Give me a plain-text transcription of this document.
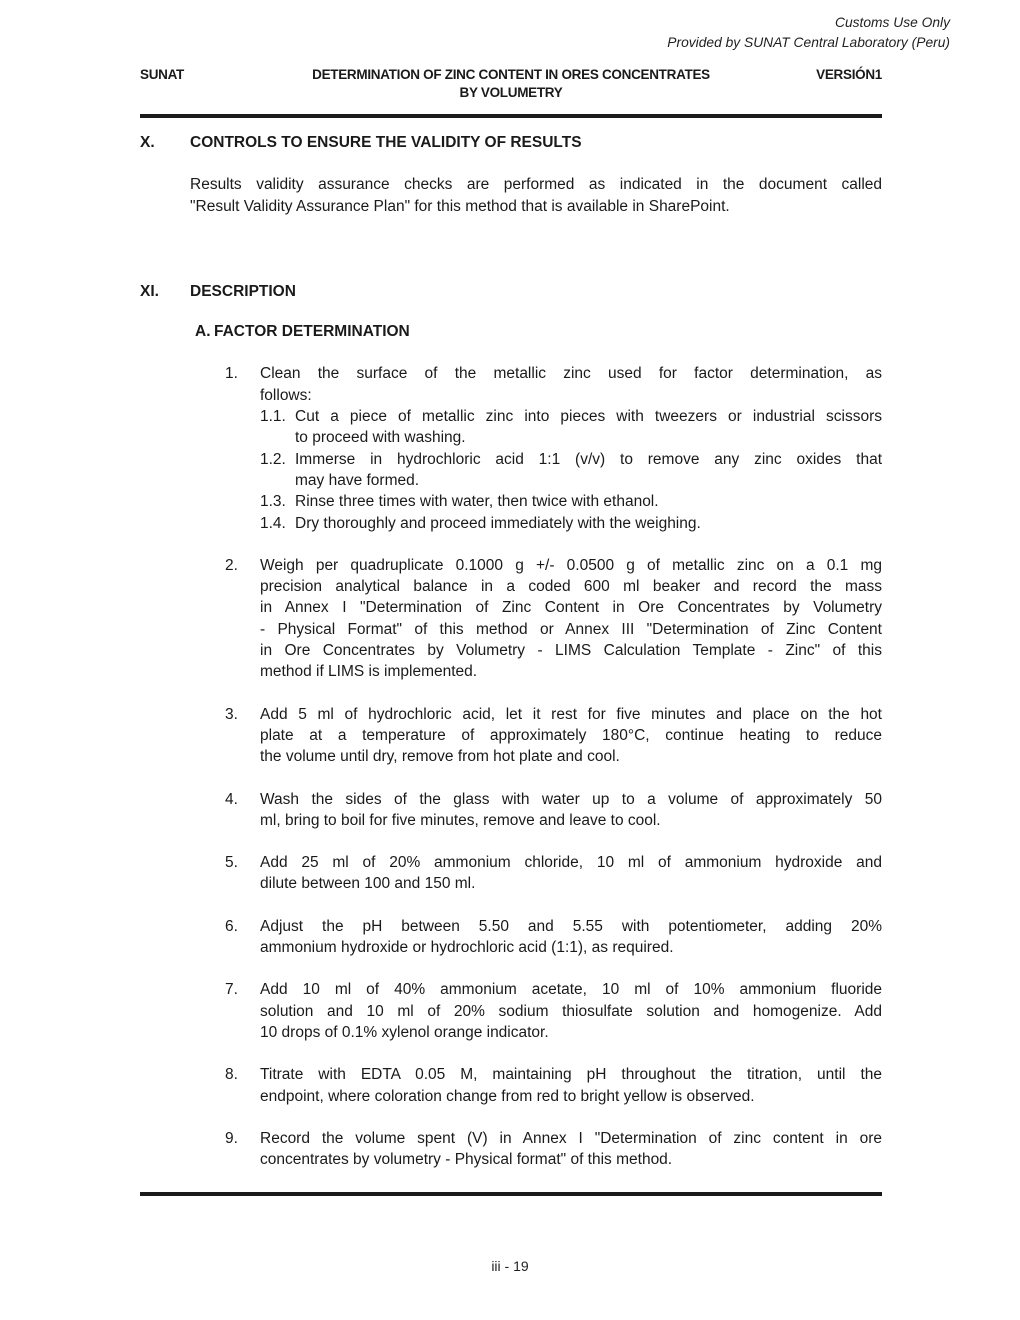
Customs Use Only
Provided by SUNAT Central Laboratory (Peru)
SUNAT	DETERMINATION OF ZINC CONTENT IN ORES CONCENTRATES
BY VOLUMETRY
VERSIÓN1
X.	CONTROLS TO ENSURE THE VALIDITY OF RESULTS
Results validity assurance checks are performed as indicated in the document called
"Result Validity Assurance Plan" for this method that is available in SharePoint.
XI.	DESCRIPTION
A. FACTOR DETERMINATION
1.	Clean the surface of the metallic zinc used for factor determination, as
follows:
1.1. Cut a piece of metallic zinc into pieces with tweezers or industrial scissors
to proceed with washing.
1.2. Immerse in hydrochloric acid 1:1 (v/v) to remove any zinc oxides that
may have formed.
1.3. Rinse three times with water, then twice with ethanol.
1.4. Dry thoroughly and proceed immediately with the weighing.
2.	Weigh per quadruplicate 0.1000 g +/- 0.0500 g of metallic zinc on a 0.1 mg
precision analytical balance in a coded 600 ml beaker and record the mass
in Annex I "Determination of Zinc Content in Ore Concentrates by Volumetry
- Physical Format" of this method or Annex III "Determination of Zinc Content
in Ore Concentrates by Volumetry - LIMS Calculation Template - Zinc" of this
method if LIMS is implemented.
3.	Add 5 ml of hydrochloric acid, let it rest for five minutes and place on the hot
plate at a temperature of approximately 180°C, continue heating to reduce
the volume until dry, remove from hot plate and cool.
4.	Wash the sides of the glass with water up to a volume of approximately 50
ml, bring to boil for five minutes, remove and leave to cool.
5.	Add 25 ml of 20% ammonium chloride, 10 ml of ammonium hydroxide and
dilute between 100 and 150 ml.
6.	Adjust the pH between 5.50 and 5.55 with potentiometer, adding 20%
ammonium hydroxide or hydrochloric acid (1:1), as required.
7.	Add 10 ml of 40% ammonium acetate, 10 ml of 10% ammonium fluoride
solution and 10 ml of 20% sodium thiosulfate solution and homogenize. Add
10 drops of 0.1% xylenol orange indicator.
8.	Titrate with EDTA 0.05 M, maintaining pH throughout the titration, until the
endpoint, where coloration change from red to bright yellow is observed.
9.	Record the volume spent (V) in Annex I "Determination of zinc content in ore
concentrates by volumetry - Physical format" of this method.
iii - 19
